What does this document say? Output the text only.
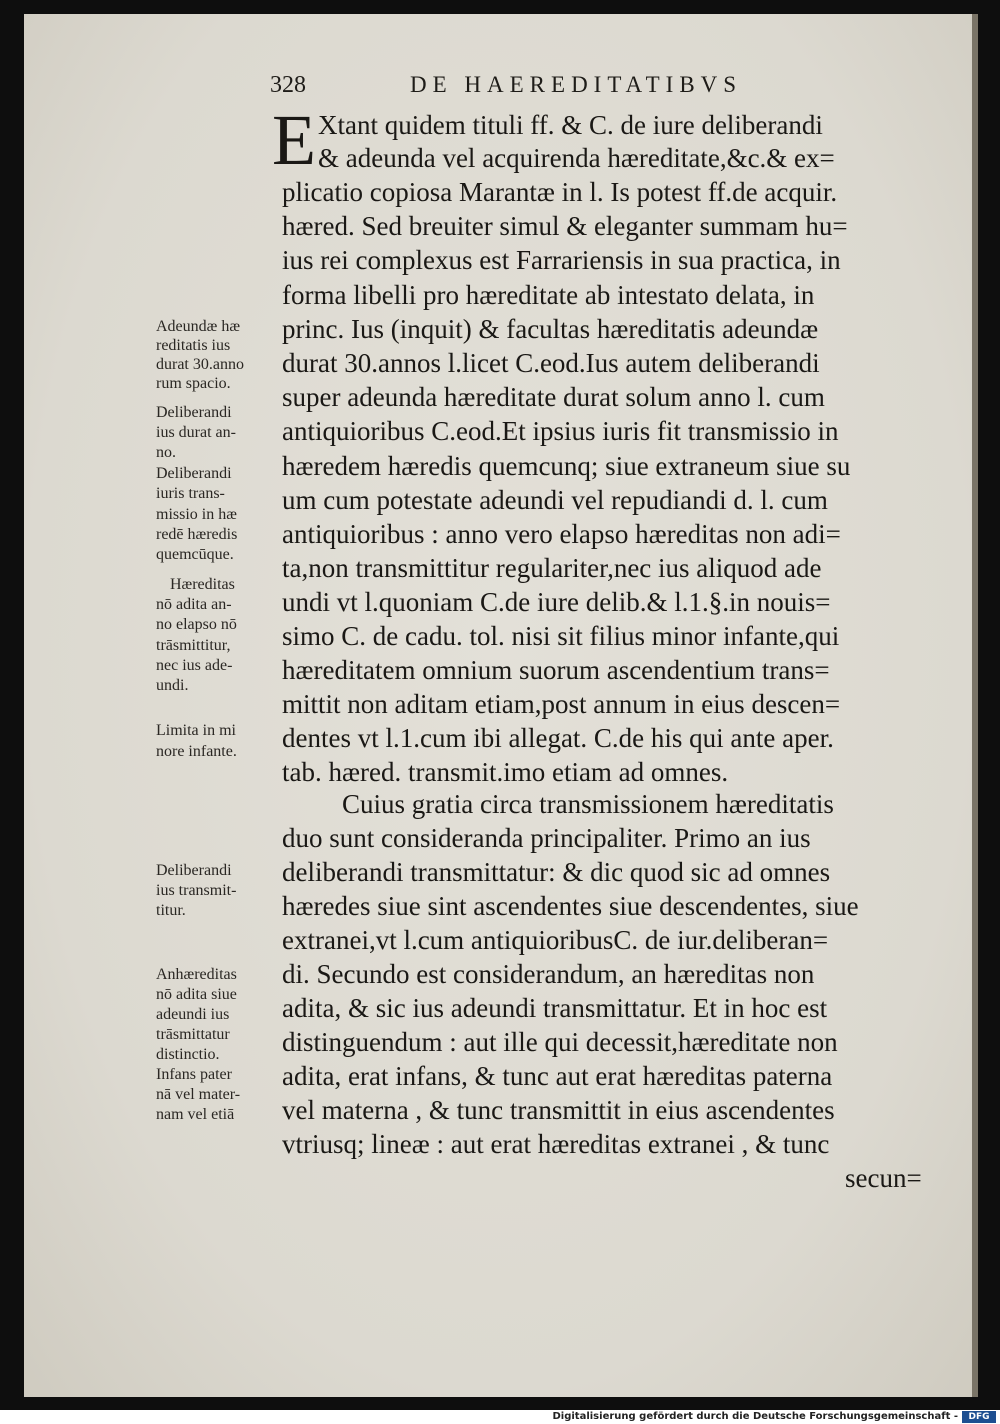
328	DE HAEREDITATIBVS
E Xtant quidem tituli ff. & C. de iure deliberandi
& adeunda vel acquirenda hæreditate,&c.& ex=
plicatio copiosa Marantæ in l. Is potest ff.de acquir.
hæred. Sed breuiter simul & eleganter summam hu=
ius rei complexus est Farrariensis in sua practica, in
forma libelli pro hæreditate ab intestato delata, in
princ. Ius (inquit) & facultas hæreditatis adeundæ
durat 30.annos l.licet C.eod.Ius autem deliberandi
super adeunda hæreditate durat solum anno l. cum
antiquioribus C.eod.Et ipsius iuris fit transmissio in
hæredem hæredis quemcunq; siue extraneum siue su
um cum potestate adeundi vel repudiandi d. l. cum
antiquioribus : anno vero elapso hæreditas non adi=
ta,non transmittitur regulariter,nec ius aliquod ade
undi vt l.quoniam C.de iure delib.& l.1.§.in nouis=
simo C. de cadu. tol. nisi sit filius minor infante,qui
hæreditatem omnium suorum ascendentium trans=
mittit non aditam etiam,post annum in eius descen=
dentes vt l.1.cum ibi allegat. C.de his qui ante aper.
tab. hæred. transmit.imo etiam ad omnes.
Cuius gratia circa transmissionem hæreditatis
duo sunt consideranda principaliter. Primo an ius
deliberandi transmittatur: & dic quod sic ad omnes
hæredes siue sint ascendentes siue descendentes, siue
extranei,vt l.cum antiquioribusC. de iur.deliberan=
di. Secundo est considerandum, an hæreditas non
adita, & sic ius adeundi transmittatur. Et in hoc est
distinguendum : aut ille qui decessit,hæreditate non
adita, erat infans, & tunc aut erat hæreditas paterna
vel materna , & tunc transmittit in eius ascendentes
vtriusq; lineæ : aut erat hæreditas extranei , & tunc
secun=
Adeundæ hæ
reditatis ius
durat 30.anno
rum spacio.
Deliberandi
ius durat an-
no.
Deliberandi
iuris trans-
missio in hæ
redē hæredis
quemcūque.
Hæreditas
nō adita an-
no elapso nō
trāsmittitur,
nec ius ade-
undi.
Limita in mi
nore infante.
Deliberandi
ius transmit-
titur.
Anhæreditas
nō adita siue
adeundi ius
trāsmittatur
distinctio.
Infans pater
nā vel mater-
nam vel etiā
Digitalisierung gefördert durch die Deutsche Forschungsgemeinschaft -	DFG
